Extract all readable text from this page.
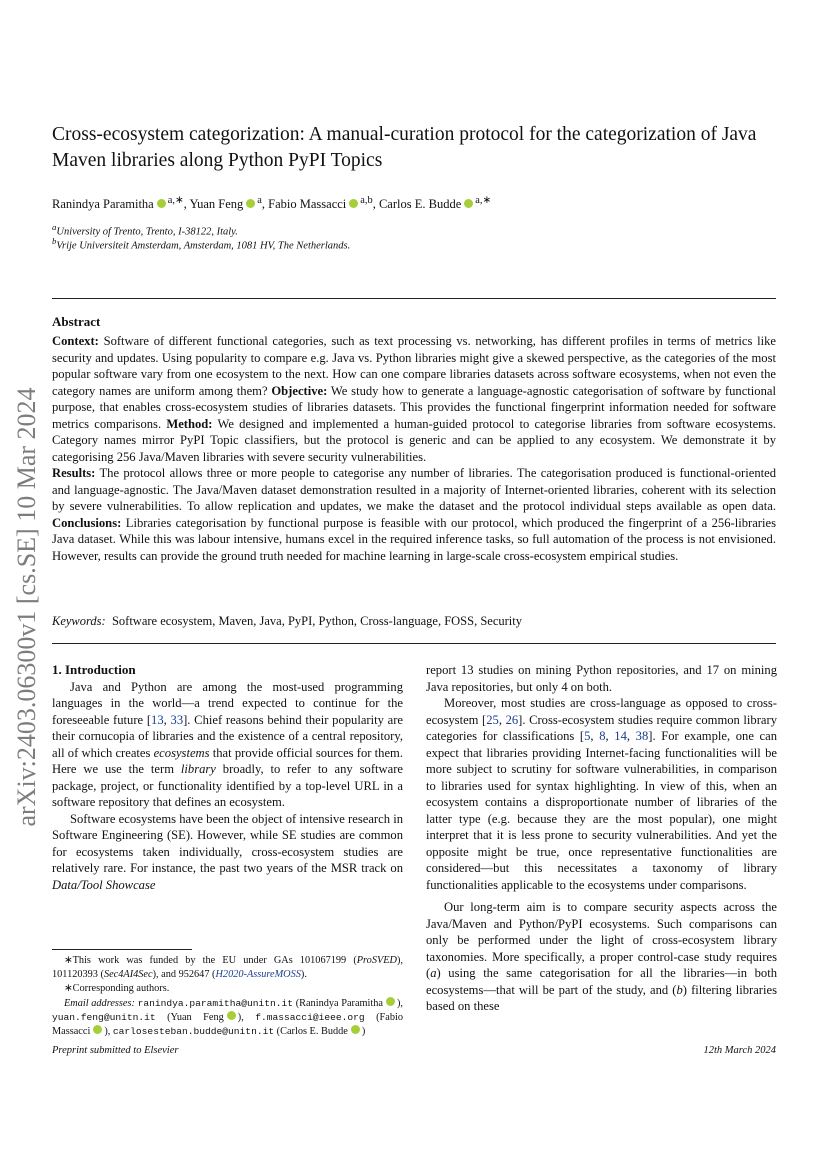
arXiv:2403.06300v1 [cs.SE] 10 Mar 2024
Cross-ecosystem categorization: A manual-curation protocol for the categorization of Java Maven libraries along Python PyPI Topics
Ranindya Paramitha $^{a,∗}$, Yuan Feng $^a$, Fabio Massacci $^{a,b}$, Carlos E. Budde $^{a,∗}$
$^a$University of Trento, Trento, I-38122, Italy.
$^b$Vrije Universiteit Amsterdam, Amsterdam, 1081 HV, The Netherlands.
Abstract
Context: Software of different functional categories, such as text processing vs. networking, has different profiles in terms of metrics like security and updates. Using popularity to compare e.g. Java vs. Python libraries might give a skewed perspective, as the categories of the most popular software vary from one ecosystem to the next. How can one compare libraries datasets across software ecosystems, when not even the category names are uniform among them? Objective: We study how to generate a language-agnostic categorisation of software by functional purpose, that enables cross-ecosystem studies of libraries datasets. This provides the functional fingerprint information needed for software metrics comparisons. Method: We designed and implemented a human-guided protocol to categorise libraries from software ecosystems. Category names mirror PyPI Topic classifiers, but the protocol is generic and can be applied to any ecosystem. We demonstrate it by categorising 256 Java/Maven libraries with severe security vulnerabilities.
Results: The protocol allows three or more people to categorise any number of libraries. The categorisation produced is functional-oriented and language-agnostic. The Java/Maven dataset demonstration resulted in a majority of Internet-oriented libraries, coherent with its selection by severe vulnerabilities. To allow replication and updates, we make the dataset and the protocol individual steps available as open data. Conclusions: Libraries categorisation by functional purpose is feasible with our protocol, which produced the fingerprint of a 256-libraries Java dataset. While this was labour intensive, humans excel in the required inference tasks, so full automation of the process is not envisioned. However, results can provide the ground truth needed for machine learning in large-scale cross-ecosystem empirical studies.
Keywords: Software ecosystem, Maven, Java, PyPI, Python, Cross-language, FOSS, Security

1. Introduction

Java and Python are among the most-used programming languages in the world—a trend expected to continue for the foreseeable future [13, 33]. Chief reasons behind their popularity are their cornucopia of libraries and the existence of a central repository, all of which creates ecosystems that provide official sources for them. Here we use the term library broadly, to refer to any software package, project, or functionality identified by a top-level URL in a software repository that defines an ecosystem.

Software ecosystems have been the object of intensive research in Software Engineering (SE). However, while SE studies are common for ecosystems taken individually, cross-ecosystem studies are relatively rare. For instance, the past two years of the MSR track on Data/Tool Showcase

∗This work was funded by the EU under GAs 101067199 (ProSVED), 101120393 (Sec4AI4Sec), and 952647 (H2020-AssureMOSS).

∗Corresponding authors.

Email addresses: ranindya.paramitha@unitn.it (Ranindya Paramitha ), yuan.feng@unitn.it (Yuan Feng ), f.massacci@ieee.org (Fabio Massacci ), carlosesteban.budde@unitn.it (Carlos E. Budde )

report 13 studies on mining Python repositories, and 17 on mining Java repositories, but only 4 on both.

Moreover, most studies are cross-language as opposed to cross-ecosystem [25, 26]. Cross-ecosystem studies require common library categories for classifications [5, 8, 14, 38]. For example, one can expect that libraries providing Internet-facing functionalities will be more subject to scrutiny for software vulnerabilities, in comparison to libraries used for syntax highlighting. In view of this, when an ecosystem contains a disproportionate number of libraries of the latter type (e.g. because they are the most popular), one might interpret that it is less prone to security vulnerabilities. And yet the opposite might be true, once representative functionalities are considered—but this necessitates a taxonomy of library functionalities applicable to the ecosystems under comparisons.

Our long-term aim is to compare security aspects across the Java/Maven and Python/PyPI ecosystems. Such comparisons can only be performed under the light of cross-ecosystem library taxonomies. More specifically, a proper control-case study requires (a) using the same categorisation for all the libraries—in both ecosystems—that will be part of the study, and (b) filtering libraries based on these

Preprint submitted to Elsevier	12th March 2024
